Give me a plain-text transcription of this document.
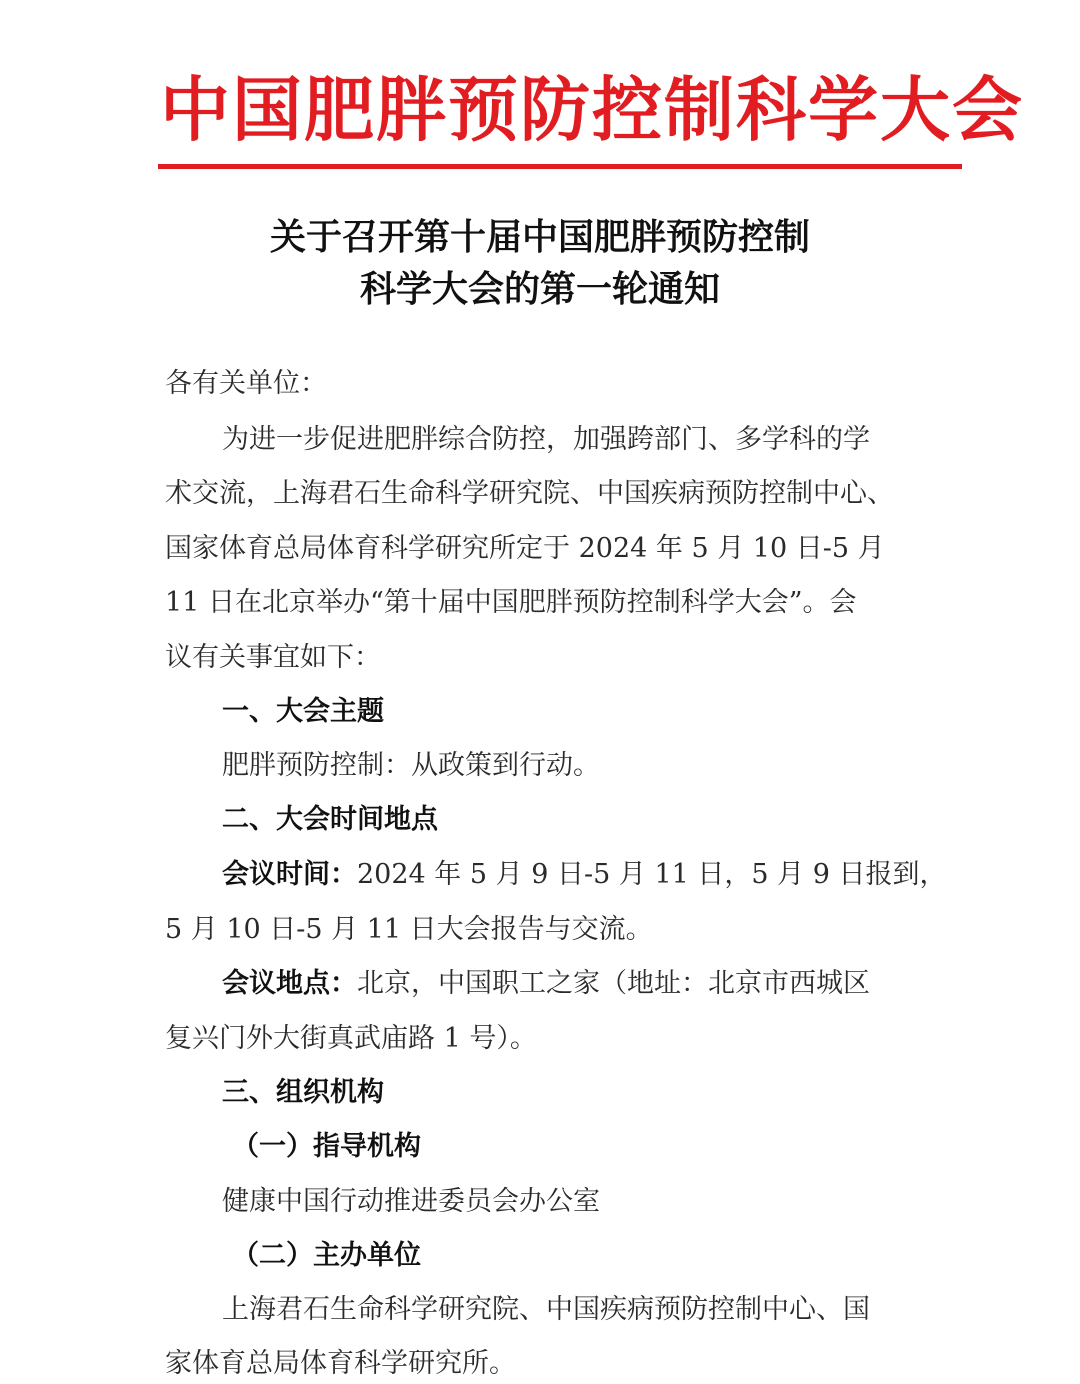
中国肥胖预防控制科学大会
关于召开第十届中国肥胖预防控制
科学大会的第一轮通知
各有关单位：
为进一步促进肥胖综合防控，加强跨部门、多学科的学
术交流，上海君石生命科学研究院、中国疾病预防控制中心、
国家体育总局体育科学研究所定于 2024 年 5 月 10 日-5 月
11 日在北京举办“第十届中国肥胖预防控制科学大会”。会
议有关事宜如下：
一、大会主题
肥胖预防控制：从政策到行动。
二、大会时间地点
会议时间：2024 年 5 月 9 日-5 月 11 日，5 月 9 日报到，
5 月 10 日-5 月 11 日大会报告与交流。
会议地点：北京，中国职工之家（地址：北京市西城区
复兴门外大街真武庙路 1 号）。
三、组织机构
（一）指导机构
健康中国行动推进委员会办公室
（二）主办单位
上海君石生命科学研究院、中国疾病预防控制中心、国
家体育总局体育科学研究所。
